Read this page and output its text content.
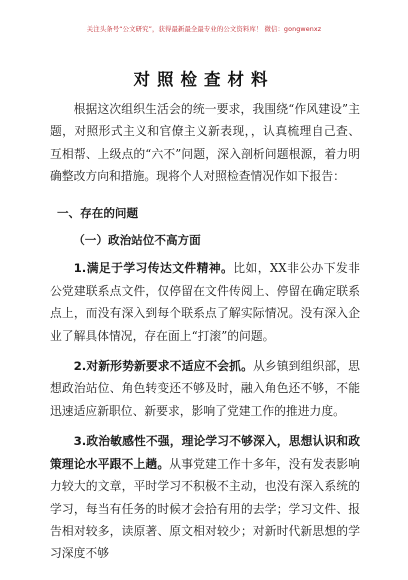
关注头条号“公文研究”，获得最新最全最专业的公文资料库！ 微信：gongwenxz
对照检查材料

根据这次组织生活会的统一要求，我围绕“作风建设”主题，对照形式主义和官僚主义新表现，，认真梳理自己查、互相帮、上级点的“六不”问题，深入剖析问题根源，着力明确整改方向和措施。现将个人对照检查情况作如下报告：

一、存在的问题

（一）政治站位不高方面

1.满足于学习传达文件精神。比如，XX非公办下发非公党建联系点文件，仅停留在文件传阅上、停留在确定联系点上，而没有深入到每个联系点了解实际情况。没有深入企业了解具体情况，存在面上“打滚”的问题。

2.对新形势新要求不适应不会抓。从乡镇到组织部，思想政治站位、角色转变还不够及时，融入角色还不够，不能迅速适应新职位、新要求，影响了党建工作的推进力度。

3.政治敏感性不强，理论学习不够深入，思想认识和政策理论水平跟不上趟。从事党建工作十多年，没有发表影响力较大的文章，平时学习不积极不主动，也没有深入系统的学习，每当有任务的时候才会拾有用的去学；学习文件、报告相对较多，读原著、原文相对较少；对新时代新思想的学习深度不够
